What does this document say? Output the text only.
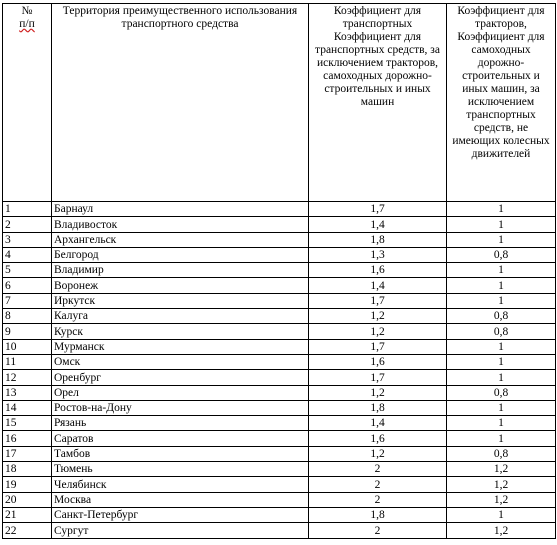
№
п/п	Территория преимущественного использования транспортного средства	Коэффициент для транспортных Коэффициент для транспортных средств, за исключением тракторов, самоходных дорожно-строительных и иных машин	Коэффициент для тракторов, Коэффициент для самоходных дорожно-строительных и иных машин, за исключением транспортных средств, не имеющих колесных движителей
1	Барнаул	1,7	1
2	Владивосток	1,4	1
3	Архангельск	1,8	1
4	Белгород	1,3	0,8
5	Владимир	1,6	1
6	Воронеж	1,4	1
7	Иркутск	1,7	1
8	Калуга	1,2	0,8
9	Курск	1,2	0,8
10	Мурманск	1,7	1
11	Омск	1,6	1
12	Оренбург	1,7	1
13	Орел	1,2	0,8
14	Ростов-на-Дону	1,8	1
15	Рязань	1,4	1
16	Саратов	1,6	1
17	Тамбов	1,2	0,8
18	Тюмень	2	1,2
19	Челябинск	2	1,2
20	Москва	2	1,2
21	Санкт-Петербург	1,8	1
22	Сургут	2	1,2
